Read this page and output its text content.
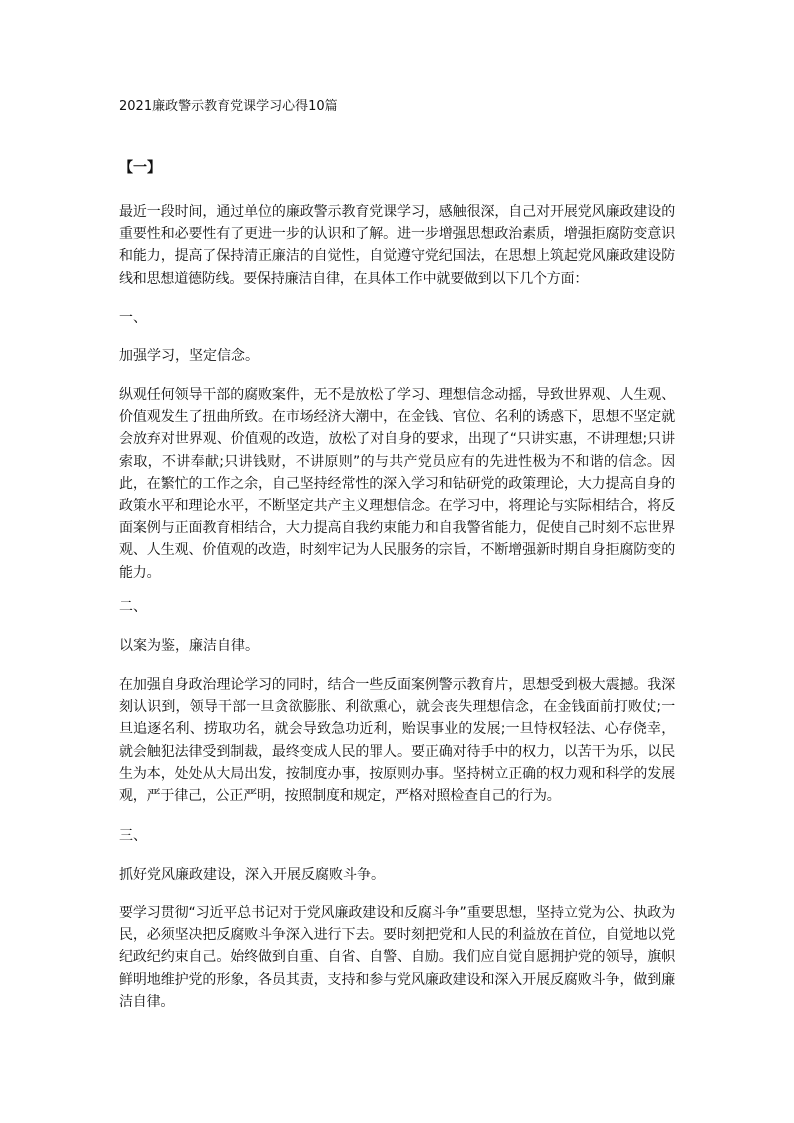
2021廉政警示教育党课学习心得10篇
【一】

最近一段时间，通过单位的廉政警示教育党课学习，感触很深，自己对开展党风廉政建设的重要性和必要性有了更进一步的认识和了解。进一步增强思想政治素质，增强拒腐防变意识和能力，提高了保持清正廉洁的自觉性，自觉遵守党纪国法，在思想上筑起党风廉政建设防线和思想道德防线。要保持廉洁自律，在具体工作中就要做到以下几个方面：

一、
加强学习，坚定信念。

纵观任何领导干部的腐败案件，无不是放松了学习、理想信念动摇，导致世界观、人生观、价值观发生了扭曲所致。在市场经济大潮中，在金钱、官位、名利的诱惑下，思想不坚定就会放弃对世界观、价值观的改造，放松了对自身的要求，出现了“只讲实惠，不讲理想;只讲索取，不讲奉献;只讲钱财，不讲原则”的与共产党员应有的先进性极为不和谐的信念。因此，在繁忙的工作之余，自己坚持经常性的深入学习和钻研党的政策理论，大力提高自身的政策水平和理论水平，不断坚定共产主义理想信念。在学习中，将理论与实际相结合，将反面案例与正面教育相结合，大力提高自我约束能力和自我警省能力，促使自己时刻不忘世界观、人生观、价值观的改造，时刻牢记为人民服务的宗旨，不断增强新时期自身拒腐防变的能力。

二、
以案为鉴，廉洁自律。

在加强自身政治理论学习的同时，结合一些反面案例警示教育片，思想受到极大震撼。我深刻认识到，领导干部一旦贪欲膨胀、利欲熏心，就会丧失理想信念，在金钱面前打败仗;一旦追逐名利、捞取功名，就会导致急功近利，贻误事业的发展;一旦恃权轻法、心存侥幸，就会触犯法律受到制裁，最终变成人民的罪人。要正确对待手中的权力，以苦干为乐，以民生为本，处处从大局出发，按制度办事，按原则办事。坚持树立正确的权力观和科学的发展观，严于律己，公正严明，按照制度和规定，严格对照检查自己的行为。

三、
抓好党风廉政建设，深入开展反腐败斗争。

要学习贯彻“习近平总书记对于党风廉政建设和反腐斗争”重要思想，坚持立党为公、执政为民，必须坚决把反腐败斗争深入进行下去。要时刻把党和人民的利益放在首位，自觉地以党纪政纪约束自己。始终做到自重、自省、自警、自励。我们应自觉自愿拥护党的领导，旗帜鲜明地维护党的形象，各员其责，支持和参与党风廉政建设和深入开展反腐败斗争，做到廉洁自律。
